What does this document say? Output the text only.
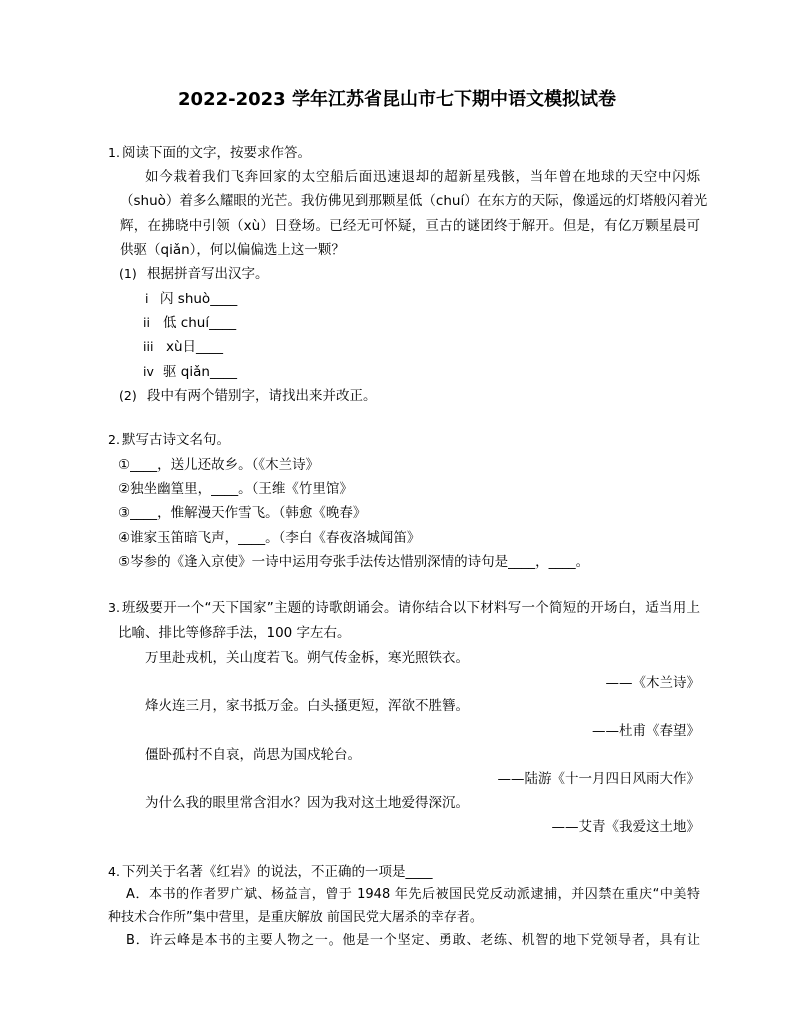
2022-2023 学年江苏省昆山市七下期中语文模拟试卷
1. 阅读下面的文字，按要求作答。
如今栽着我们飞奔回家的太空船后面迅速退却的超新星残骸，当年曾在地球的天空中闪烁
（shuò）着多么耀眼的光芒。我仿佛见到那颗星低（chuí）在东方的天际，像遥远的灯塔般闪着光
辉，在拂晓中引领（xù）日登场。已经无可怀疑，亘古的谜团终于解开。但是，有亿万颗星晨可
供驱（qiǎn），何以偏偏选上这一颗？
(1) 根据拼音写出汉字。
i 闪 shuò____
ii 低 chuí____
iii xù日____
iv 驱 qiǎn____
(2) 段中有两个错别字，请找出来并改正。
2. 默写古诗文名句。
①____，送儿还故乡。（《木兰诗》
②独坐幽篁里，____。（王维《竹里馆》
③____，惟解漫天作雪飞。（韩愈《晚春》
④谁家玉笛暗飞声，____。（李白《春夜洛城闻笛》
⑤岑参的《逢入京使》一诗中运用夸张手法传达惜别深情的诗句是____，____。
3. 班级要开一个“天下国家”主题的诗歌朗诵会。请你结合以下材料写一个简短的开场白，适当用上
比喻、排比等修辞手法，100 字左右。
万里赴戎机，关山度若飞。朔气传金柝，寒光照铁衣。
——《木兰诗》
烽火连三月，家书抵万金。白头搔更短，浑欲不胜簪。
——杜甫《春望》
僵卧孤村不自哀，尚思为国戍轮台。
——陆游《十一月四日风雨大作》
为什么我的眼里常含泪水？因为我对这土地爱得深沉。
——艾青《我爱这土地》
4. 下列关于名著《红岩》的说法，不正确的一项是____
A．本书的作者罗广斌、杨益言，曾于 1948 年先后被国民党反动派逮捕，并囚禁在重庆“中美特
种技术合作所”集中营里，是重庆解放 前国民党大屠杀的幸存者。
B．许云峰是本书的主要人物之一。他是一个坚定、勇敢、老练、机智的地下党领导者，具有让
